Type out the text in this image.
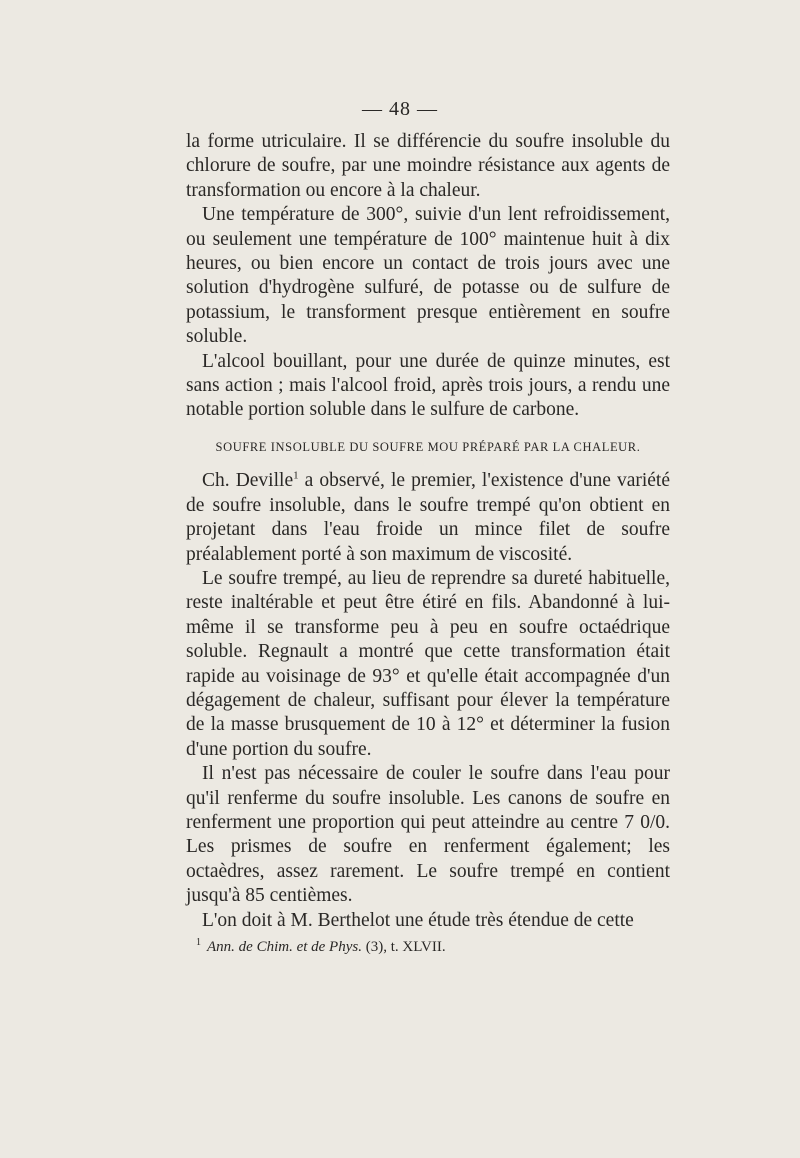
— 48 —

la forme utriculaire. Il se différencie du soufre insoluble du chlorure de soufre, par une moindre résistance aux agents de transformation ou encore à la chaleur.

Une température de 300°, suivie d'un lent refroidissement, ou seulement une température de 100° maintenue huit à dix heures, ou bien encore un contact de trois jours avec une solution d'hydrogène sulfuré, de potasse ou de sulfure de potassium, le transforment presque entièrement en soufre soluble.

L'alcool bouillant, pour une durée de quinze minutes, est sans action ; mais l'alcool froid, après trois jours, a rendu une notable portion soluble dans le sulfure de carbone.

SOUFRE INSOLUBLE DU SOUFRE MOU PRÉPARÉ PAR LA CHALEUR.

Ch. Deville$^1$ a observé, le premier, l'existence d'une variété de soufre insoluble, dans le soufre trempé qu'on obtient en projetant dans l'eau froide un mince filet de soufre préalablement porté à son maximum de viscosité.

Le soufre trempé, au lieu de reprendre sa dureté habituelle, reste inaltérable et peut être étiré en fils. Abandonné à lui-même il se transforme peu à peu en soufre octaédrique soluble. Regnault a montré que cette transformation était rapide au voisinage de 93° et qu'elle était accompagnée d'un dégagement de chaleur, suffisant pour élever la température de la masse brusquement de 10 à 12° et déterminer la fusion d'une portion du soufre.

Il n'est pas nécessaire de couler le soufre dans l'eau pour qu'il renferme du soufre insoluble. Les canons de soufre en renferment une proportion qui peut atteindre au centre 7 0/0. Les prismes de soufre en renferment également; les octaèdres, assez rarement. Le soufre trempé en contient jusqu'à 85 centièmes.

L'on doit à M. Berthelot une étude très étendue de cette

$^1$ Ann. de Chim. et de Phys. (3), t. XLVII.
